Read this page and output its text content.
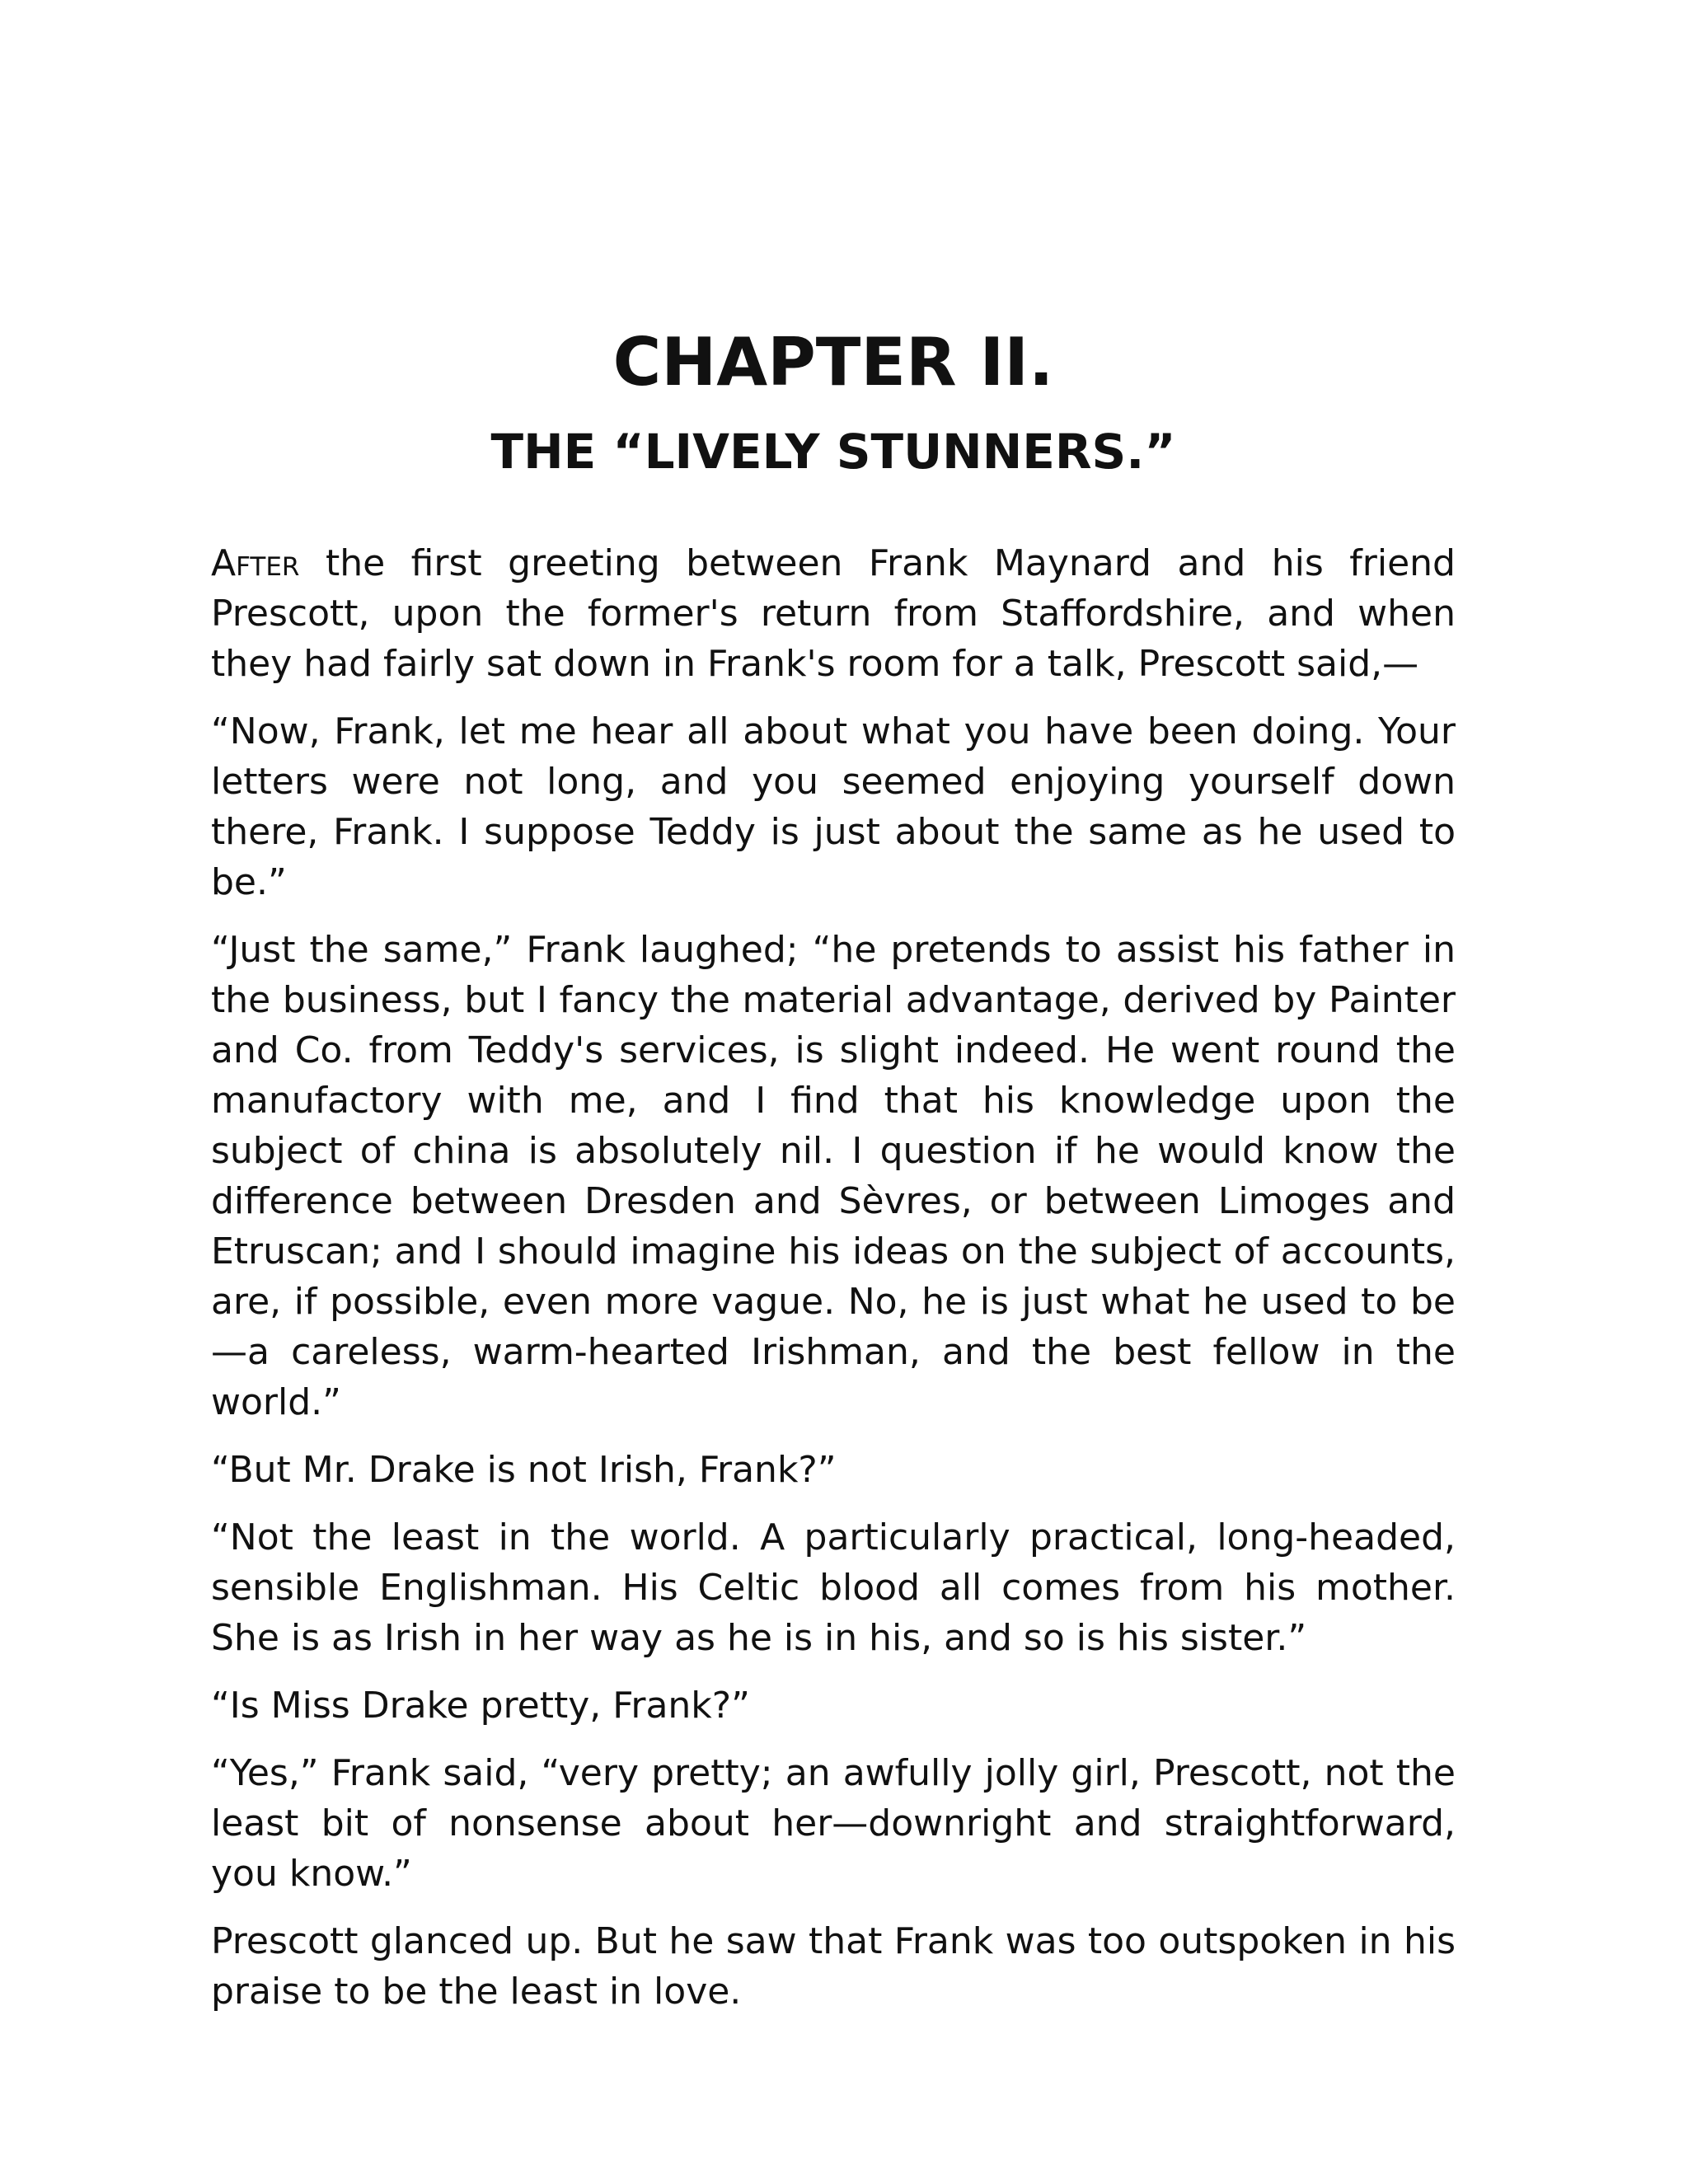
CHAPTER II.
THE “LIVELY STUNNERS.”

After the first greeting between Frank Maynard and his friend Prescott, upon the former's return from Staffordshire, and when they had fairly sat down in Frank's room for a talk, Prescott said,—

“Now, Frank, let me hear all about what you have been doing. Your letters were not long, and you seemed enjoying yourself down there, Frank. I suppose Teddy is just about the same as he used to be.”

“Just the same,” Frank laughed; “he pretends to assist his father in the business, but I fancy the material advantage, derived by Painter and Co. from Teddy's services, is slight indeed. He went round the manufactory with me, and I find that his knowledge upon the subject of china is absolutely nil. I question if he would know the difference between Dresden and Sèvres, or between Limoges and Etruscan; and I should imagine his ideas on the subject of accounts, are, if possible, even more vague. No, he is just what he used to be —a careless, warm-hearted Irishman, and the best fellow in the world.”

“But Mr. Drake is not Irish, Frank?”

“Not the least in the world. A particularly practical, long-headed, sensible Englishman. His Celtic blood all comes from his mother. She is as Irish in her way as he is in his, and so is his sister.”

“Is Miss Drake pretty, Frank?”

“Yes,” Frank said, “very pretty; an awfully jolly girl, Prescott, not the least bit of nonsense about her—downright and straightforward, you know.”

Prescott glanced up. But he saw that Frank was too outspoken in his praise to be the least in love.
